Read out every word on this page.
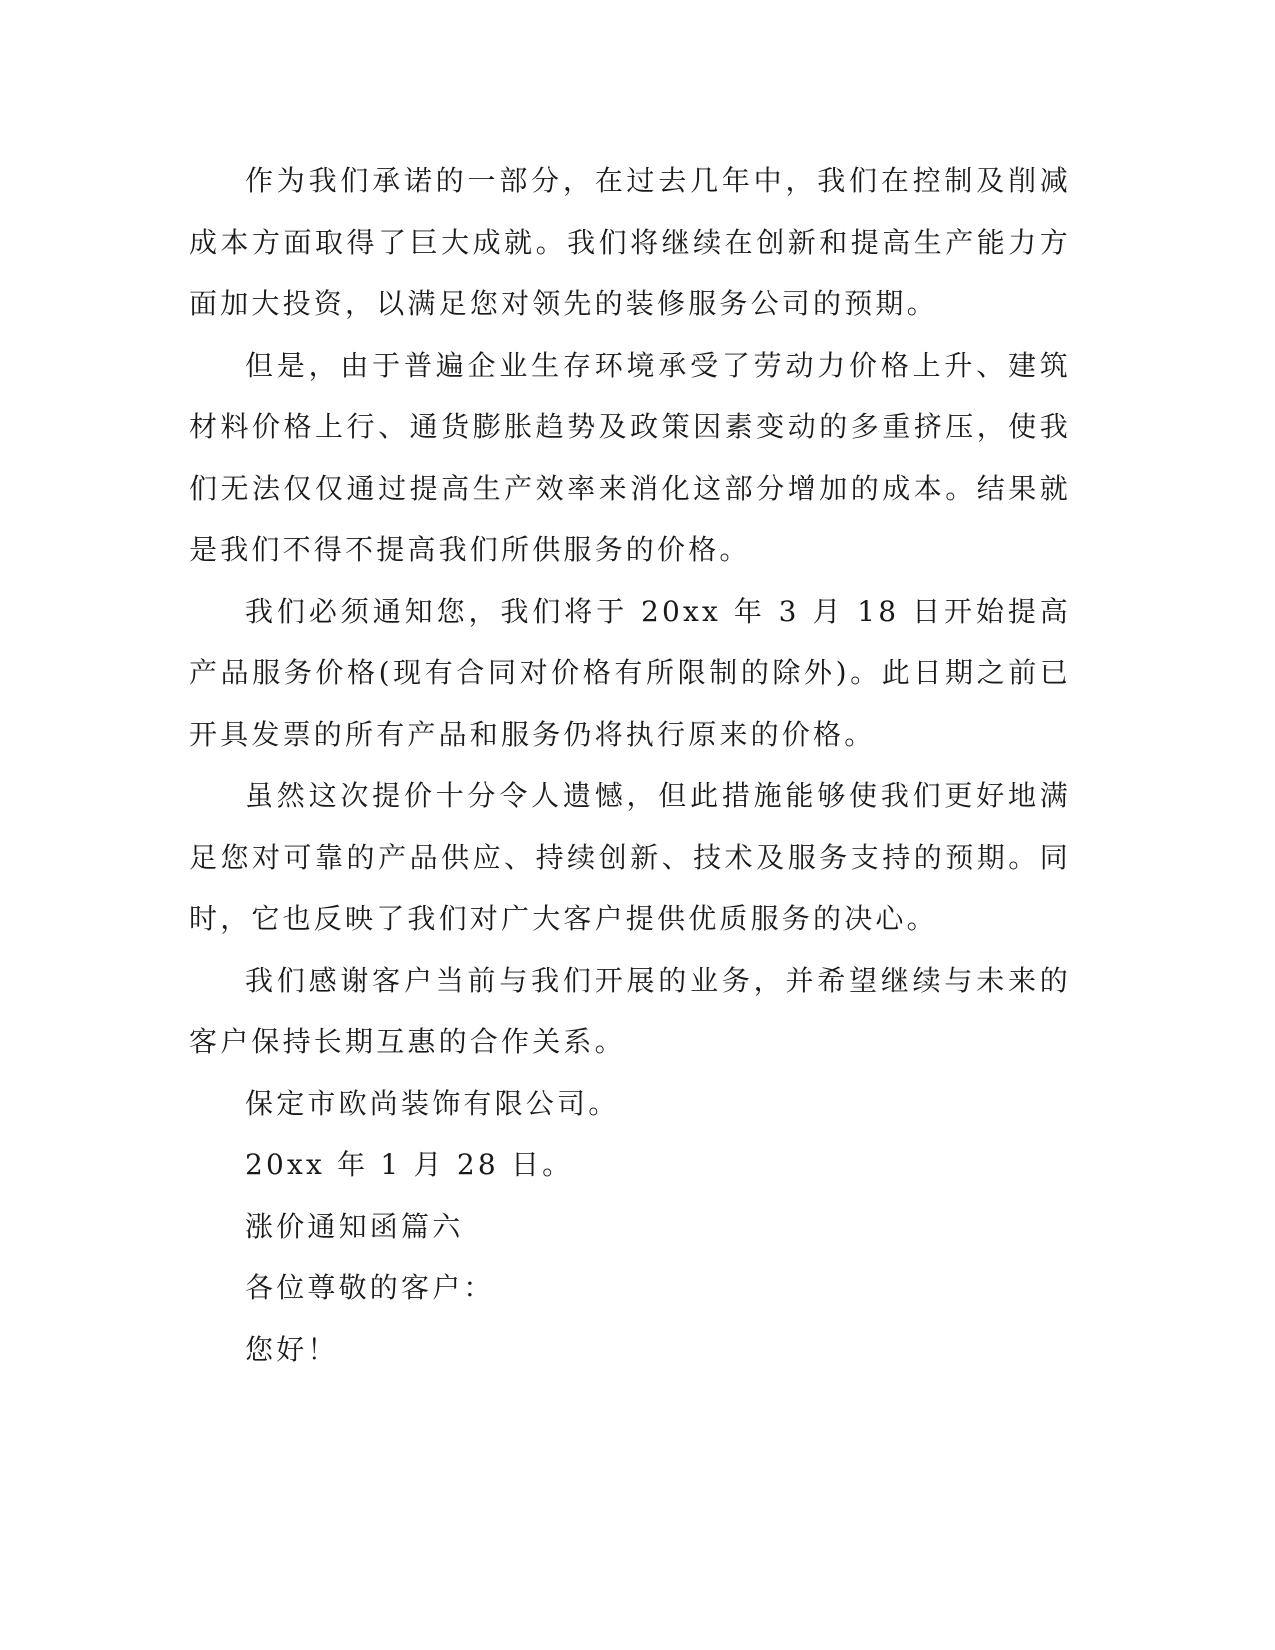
作为我们承诺的一部分，在过去几年中，我们在控制及削减成本方面取得了巨大成就。我们将继续在创新和提高生产能力方面加大投资，以满足您对领先的装修服务公司的预期。

但是，由于普遍企业生存环境承受了劳动力价格上升、建筑材料价格上行、通货膨胀趋势及政策因素变动的多重挤压，使我们无法仅仅通过提高生产效率来消化这部分增加的成本。结果就是我们不得不提高我们所供服务的价格。

我们必须通知您，我们将于 20xx 年 3 月 18 日开始提高产品服务价格(现有合同对价格有所限制的除外)。此日期之前已开具发票的所有产品和服务仍将执行原来的价格。

虽然这次提价十分令人遗憾，但此措施能够使我们更好地满足您对可靠的产品供应、持续创新、技术及服务支持的预期。同时，它也反映了我们对广大客户提供优质服务的决心。

我们感谢客户当前与我们开展的业务，并希望继续与未来的客户保持长期互惠的合作关系。

保定市欧尚装饰有限公司。

20xx 年 1 月 28 日。

涨价通知函篇六

各位尊敬的客户：

您好！
